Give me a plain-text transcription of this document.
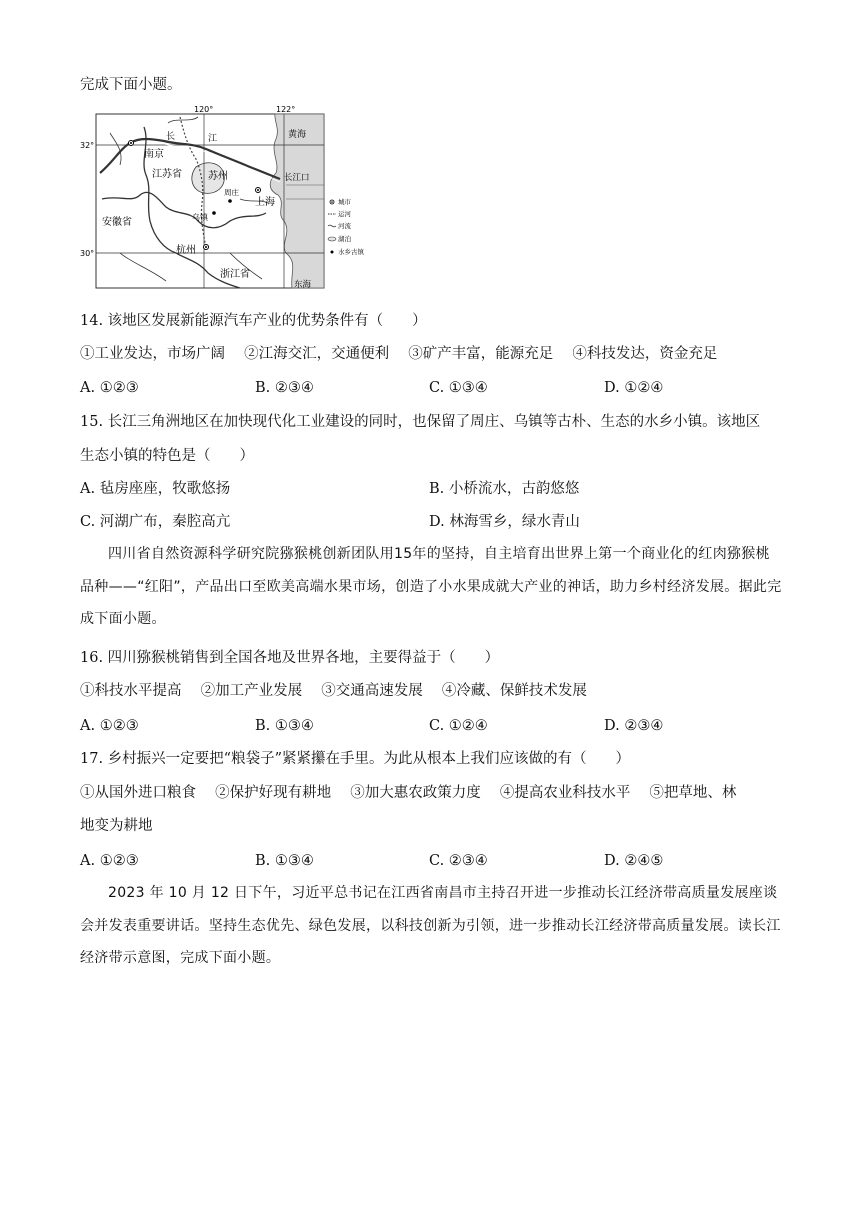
完成下面小题。
120°	122°
32°
30°
南京
江苏省	苏州
上海
周庄
乌镇
安徽省
杭州
浙江省
黄海
长江口
东海
江
长
城市
运河
河流
湖泊
水乡古镇
14. 该地区发展新能源汽车产业的优势条件有（　　）
①工业发达，市场广阔　 ②江海交汇，交通便利　 ③矿产丰富，能源充足　 ④科技发达，资金充足
A. ①②③	B. ②③④	C. ①③④	D. ①②④
15. 长江三角洲地区在加快现代化工业建设的同时，也保留了周庄、乌镇等古朴、生态的水乡小镇。该地区
生态小镇的特色是（　　）
A. 毡房座座，牧歌悠扬	B. 小桥流水，古韵悠悠
C. 河湖广布，秦腔高亢	D. 林海雪乡，绿水青山
四川省自然资源科学研究院猕猴桃创新团队用15年的坚持，自主培育出世界上第一个商业化的红肉猕猴桃品种——“红阳”，产品出口至欧美高端水果市场，创造了小水果成就大产业的神话，助力乡村经济发展。据此完成下面小题。
16. 四川猕猴桃销售到全国各地及世界各地，主要得益于（　　）
①科技水平提高　 ②加工产业发展　 ③交通高速发展　 ④冷藏、保鲜技术发展
A. ①②③	B. ①③④	C. ①②④	D. ②③④
17. 乡村振兴一定要把“粮袋子”紧紧攥在手里。为此从根本上我们应该做的有（　　）
①从国外进口粮食　 ②保护好现有耕地　 ③加大惠农政策力度　 ④提高农业科技水平　 ⑤把草地、林
地变为耕地
A. ①②③	B. ①③④	C. ②③④	D. ②④⑤
2023 年 10 月 12 日下午，习近平总书记在江西省南昌市主持召开进一步推动长江经济带高质量发展座谈会并发表重要讲话。坚持生态优先、绿色发展，以科技创新为引领，进一步推动长江经济带高质量发展。读长江经济带示意图，完成下面小题。
